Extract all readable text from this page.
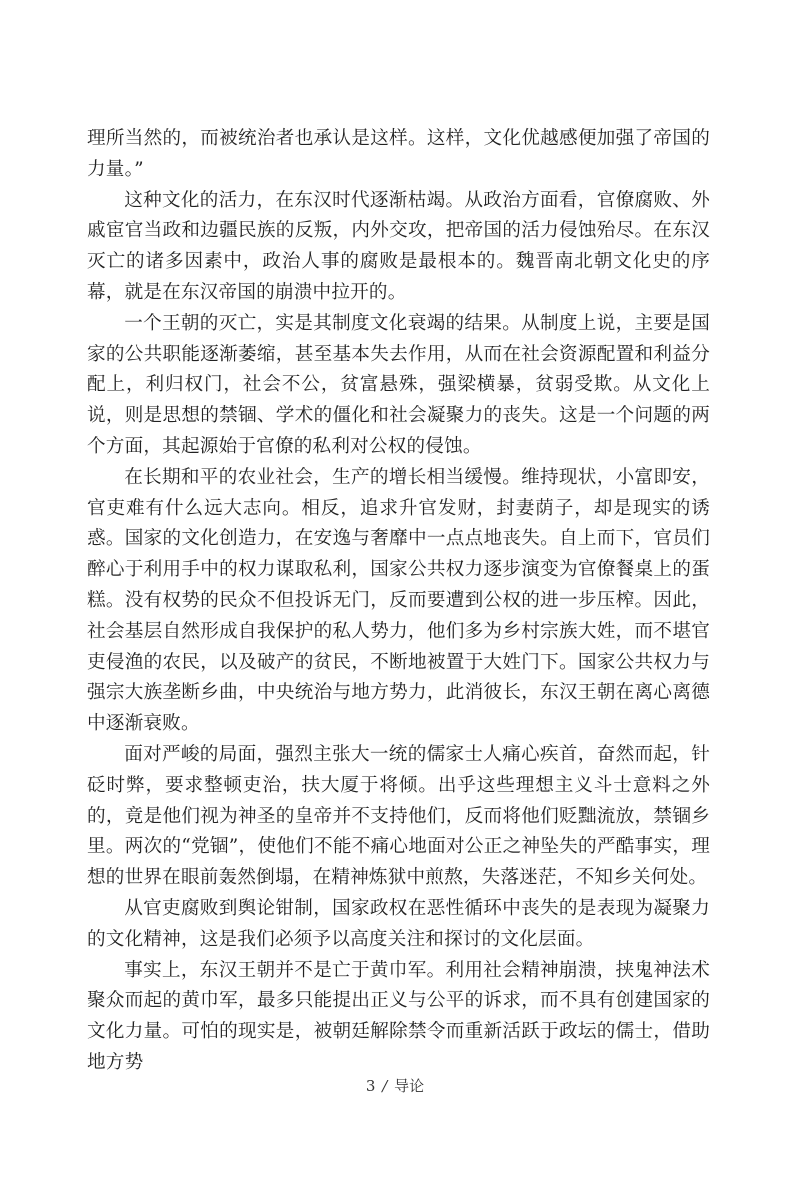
理所当然的，而被统治者也承认是这样。这样，文化优越感便加强了帝国的力量。”

这种文化的活力，在东汉时代逐渐枯竭。从政治方面看，官僚腐败、外戚宦官当政和边疆民族的反叛，内外交攻，把帝国的活力侵蚀殆尽。在东汉灭亡的诸多因素中，政治人事的腐败是最根本的。魏晋南北朝文化史的序幕，就是在东汉帝国的崩溃中拉开的。

一个王朝的灭亡，实是其制度文化衰竭的结果。从制度上说，主要是国家的公共职能逐渐萎缩，甚至基本失去作用，从而在社会资源配置和利益分配上，利归权门，社会不公，贫富悬殊，强梁横暴，贫弱受欺。从文化上说，则是思想的禁锢、学术的僵化和社会凝聚力的丧失。这是一个问题的两个方面，其起源始于官僚的私利对公权的侵蚀。

在长期和平的农业社会，生产的增长相当缓慢。维持现状，小富即安，官吏难有什么远大志向。相反，追求升官发财，封妻荫子，却是现实的诱惑。国家的文化创造力，在安逸与奢靡中一点点地丧失。自上而下，官员们醉心于利用手中的权力谋取私利，国家公共权力逐步演变为官僚餐桌上的蛋糕。没有权势的民众不但投诉无门，反而要遭到公权的进一步压榨。因此，社会基层自然形成自我保护的私人势力，他们多为乡村宗族大姓，而不堪官吏侵渔的农民，以及破产的贫民，不断地被置于大姓门下。国家公共权力与强宗大族垄断乡曲，中央统治与地方势力，此消彼长，东汉王朝在离心离德中逐渐衰败。

面对严峻的局面，强烈主张大一统的儒家士人痛心疾首，奋然而起，针砭时弊，要求整顿吏治，扶大厦于将倾。出乎这些理想主义斗士意料之外的，竟是他们视为神圣的皇帝并不支持他们，反而将他们贬黜流放，禁锢乡里。两次的“党锢”，使他们不能不痛心地面对公正之神坠失的严酷事实，理想的世界在眼前轰然倒塌，在精神炼狱中煎熬，失落迷茫，不知乡关何处。

从官吏腐败到舆论钳制，国家政权在恶性循环中丧失的是表现为凝聚力的文化精神，这是我们必须予以高度关注和探讨的文化层面。

事实上，东汉王朝并不是亡于黄巾军。利用社会精神崩溃，挟鬼神法术聚众而起的黄巾军，最多只能提出正义与公平的诉求，而不具有创建国家的文化力量。可怕的现实是，被朝廷解除禁令而重新活跃于政坛的儒士，借助地方势

3 / 导论
